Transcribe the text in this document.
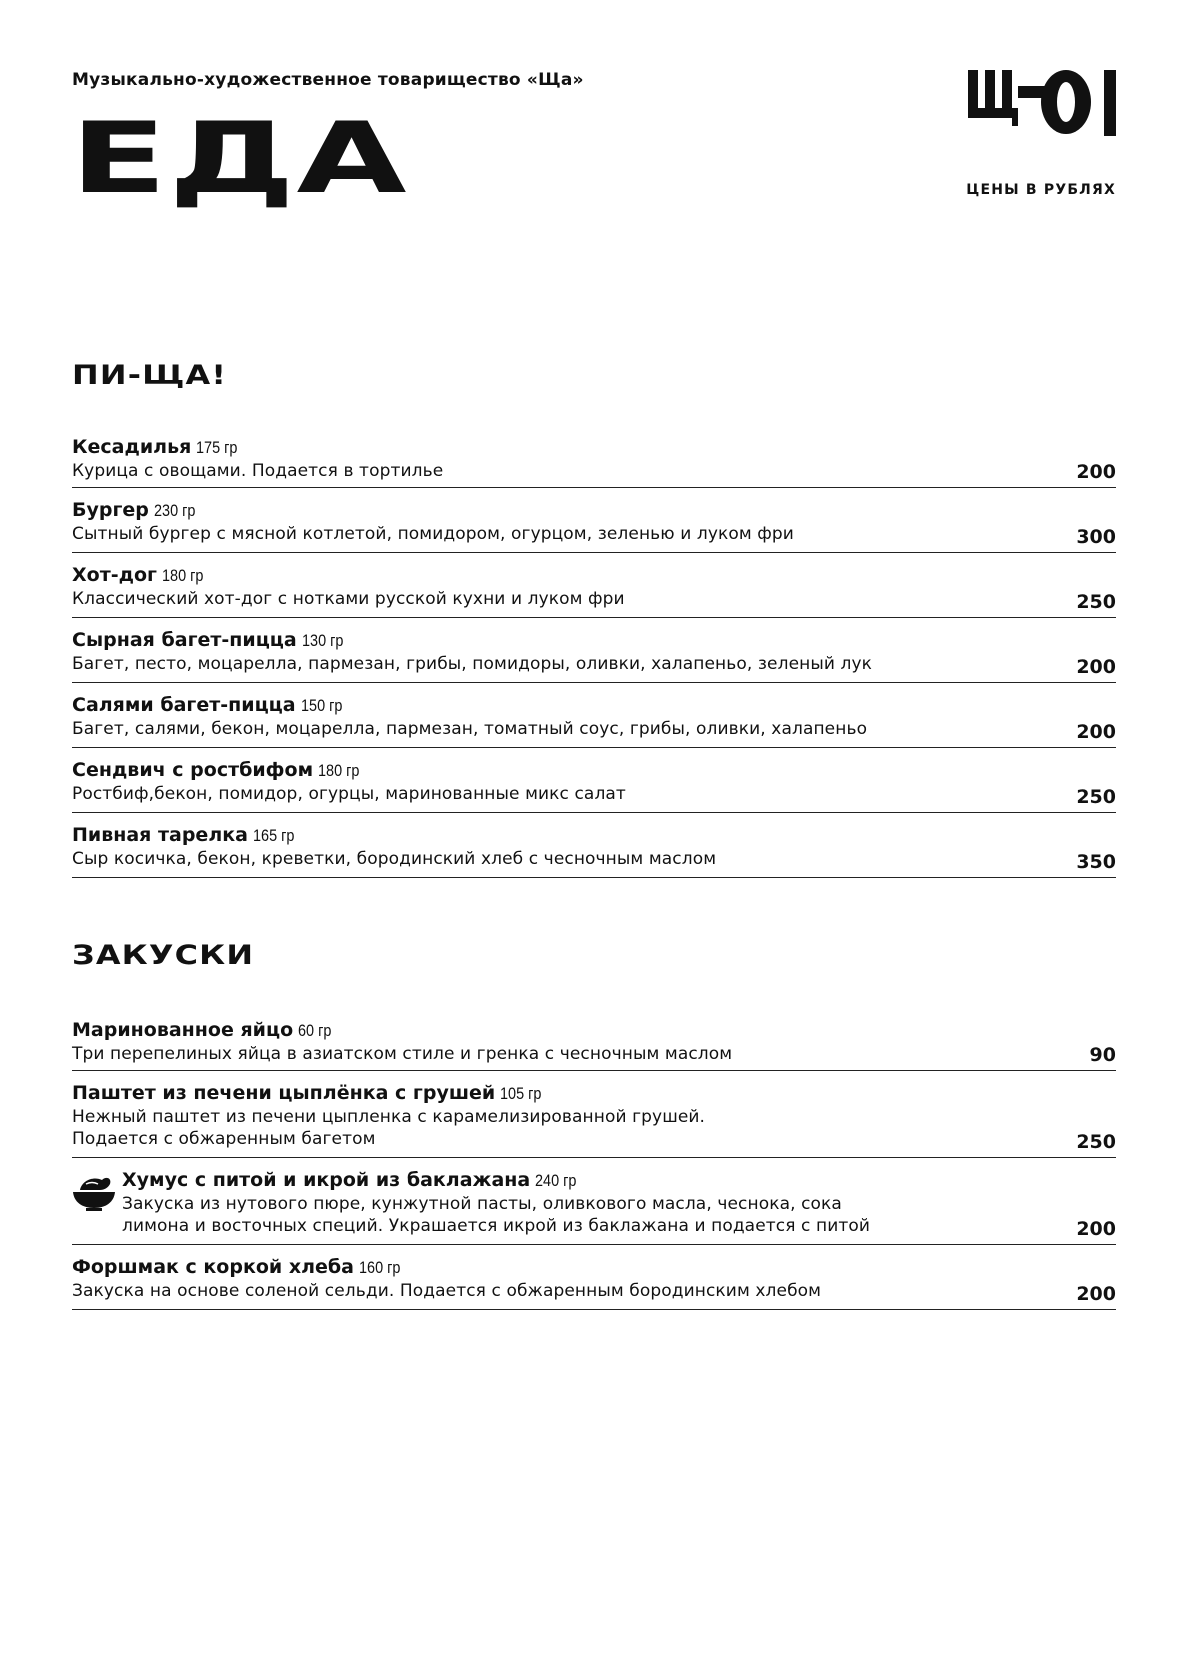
Музыкально-художественное товарищество «Ща»
ЕДА	ЦЕНЫ В РУБЛЯХ
ПИ-ЩА!
Кесадилья 175 гр
Курица с овощами. Подается в тортилье	200
Бургер 230 гр
Сытный бургер с мясной котлетой, помидором, огурцом, зеленью и луком фри	300
Хот-дог 180 гр
Классический хот-дог с нотками русской кухни и луком фри	250
Сырная багет-пицца 130 гр
Багет, песто, моцарелла, пармезан, грибы, помидоры, оливки, халапеньо, зеленый лук	200
Салями багет-пицца 150 гр
Багет, салями, бекон, моцарелла, пармезан, томатный соус, грибы, оливки, халапеньо	200
Сендвич с ростбифом 180 гр
Ростбиф,бекон, помидор, огурцы, маринованные микс салат	250
Пивная тарелка 165 гр
Сыр косичка, бекон, креветки, бородинский хлеб с чесночным маслом	350
ЗАКУСКИ
Маринованное яйцо 60 гр
Три перепелиных яйца в азиатском стиле и гренка с чесночным маслом	90
Паштет из печени цыплёнка с грушей 105 гр
Нежный паштет из печени цыпленка с карамелизированной грушей.
Подается с обжаренным багетом	250
Хумус с питой и икрой из баклажана 240 гр
Закуска из нутового пюре, кунжутной пасты, оливкового масла, чеснока, сока
лимона и восточных специй. Украшается икрой из баклажана и подается с питой	200
Форшмак с коркой хлеба 160 гр
Закуска на основе соленой сельди. Подается с обжаренным бородинским хлебом	200
